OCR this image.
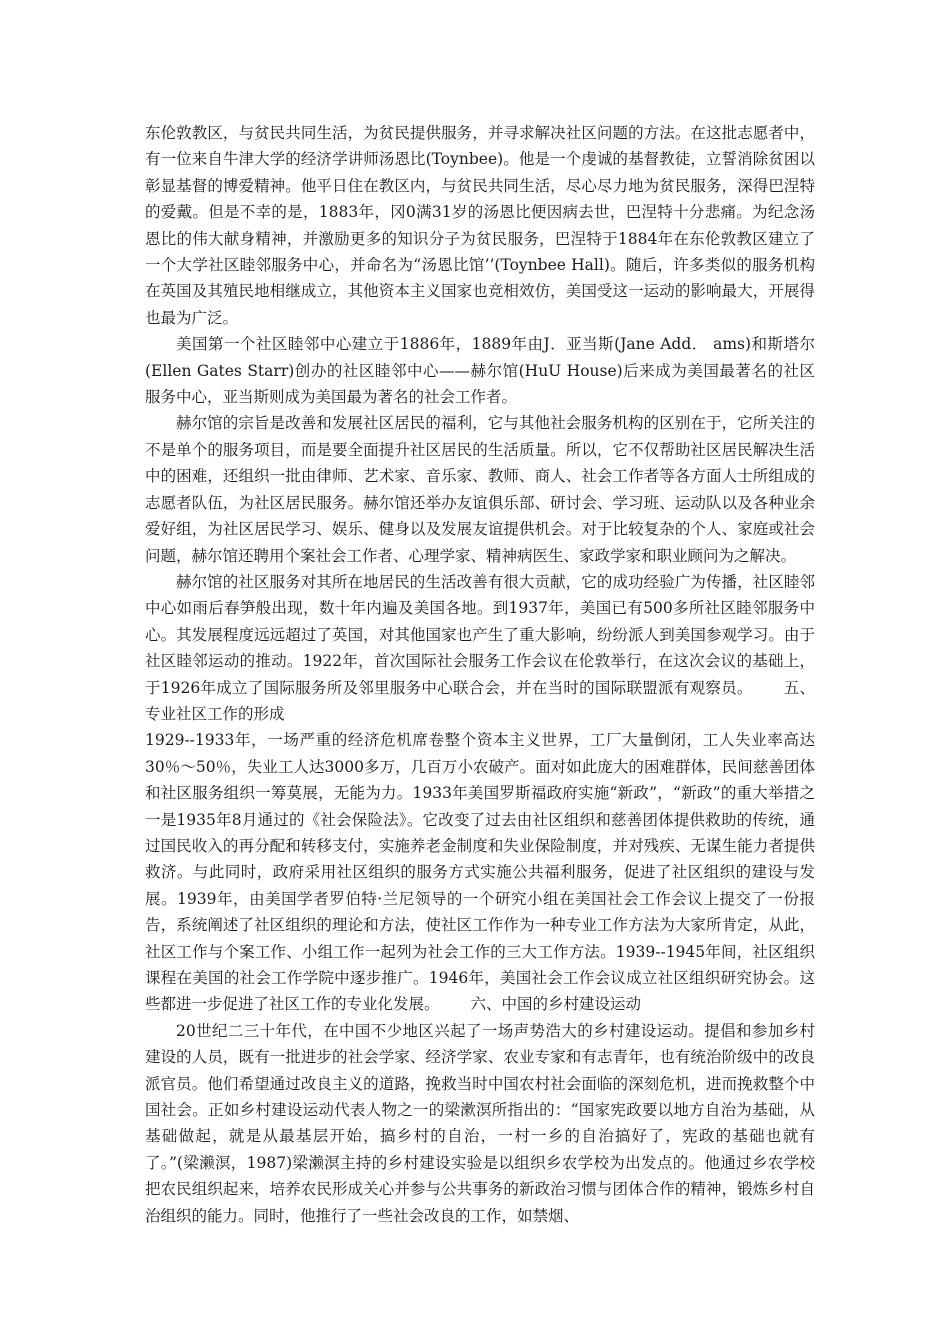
东伦敦教区，与贫民共同生活，为贫民提供服务，并寻求解决社区问题的方法。在这批志愿者中，有一位来自牛津大学的经济学讲师汤恩比(Toynbee)。他是一个虔诚的基督教徒，立誓消除贫困以彰显基督的博爱精神。他平日住在教区内，与贫民共同生活，尽心尽力地为贫民服务，深得巴涅特的爱戴。但是不幸的是，1883年，冈0满31岁的汤恩比便因病去世，巴涅特十分悲痛。为纪念汤恩比的伟大献身精神，并激励更多的知识分子为贫民服务，巴涅特于1884年在东伦敦教区建立了一个大学社区睦邻服务中心，并命名为“汤恩比馆’’(Toynbee Hall)。随后，许多类似的服务机构在英国及其殖民地相继成立，其他资本主义国家也竞相效仿，美国受这一运动的影响最大，开展得也最为广泛。

美国第一个社区睦邻中心建立于1886年，1889年由J．亚当斯(Jane Add． ams)和斯塔尔(Ellen Gates Starr)创办的社区睦邻中心——赫尔馆(HuU House)后来成为美国最著名的社区服务中心，亚当斯则成为美国最为著名的社会工作者。

赫尔馆的宗旨是改善和发展社区居民的福利，它与其他社会服务机构的区别在于，它所关注的不是单个的服务项目，而是要全面提升社区居民的生活质量。所以，它不仅帮助社区居民解决生活中的困难，还组织一批由律师、艺术家、音乐家、教师、商人、社会工作者等各方面人士所组成的志愿者队伍，为社区居民服务。赫尔馆还举办友谊俱乐部、研讨会、学习班、运动队以及各种业余爱好组，为社区居民学习、娱乐、健身以及发展友谊提供机会。对于比较复杂的个人、家庭或社会问题，赫尔馆还聘用个案社会工作者、心理学家、精神病医生、家政学家和职业顾问为之解决。

赫尔馆的社区服务对其所在地居民的生活改善有很大贡献，它的成功经验广为传播，社区睦邻中心如雨后春笋般出现，数十年内遍及美国各地。到1937年，美国已有500多所社区睦邻服务中心。其发展程度远远超过了英国，对其他国家也产生了重大影响，纷纷派人到美国参观学习。由于社区睦邻运动的推动。1922年，首次国际社会服务工作会议在伦敦举行，在这次会议的基础上，于1926年成立了国际服务所及邻里服务中心联合会，并在当时的国际联盟派有观察员。 五、专业社区工作的形成

1929--1933年，一场严重的经济危机席卷整个资本主义世界，工厂大量倒闭，工人失业率高达30％～50％，失业工人达3000多万，几百万小农破产。面对如此庞大的困难群体，民间慈善团体和社区服务组织一筹莫展，无能为力。1933年美国罗斯福政府实施“新政”，“新政”的重大举措之一是1935年8月通过的《社会保险法》。它改变了过去由社区组织和慈善团体提供救助的传统，通过国民收入的再分配和转移支付，实施养老金制度和失业保险制度，并对残疾、无谋生能力者提供救济。与此同时，政府采用社区组织的服务方式实施公共福利服务，促进了社区组织的建设与发展。1939年，由美国学者罗伯特·兰尼领导的一个研究小组在美国社会工作会议上提交了一份报告，系统阐述了社区组织的理论和方法，使社区工作作为一种专业工作方法为大家所肯定，从此，社区工作与个案工作、小组工作一起列为社会工作的三大工作方法。1939--1945年间，社区组织课程在美国的社会工作学院中逐步推广。1946年，美国社会工作会议成立社区组织研究协会。这些都进一步促进了社区工作的专业化发展。 六、中国的乡村建设运动

20世纪二三十年代，在中国不少地区兴起了一场声势浩大的乡村建设运动。提倡和参加乡村建设的人员，既有一批进步的社会学家、经济学家、农业专家和有志青年，也有统治阶级中的改良派官员。他们希望通过改良主义的道路，挽救当时中国农村社会面临的深刻危机，进而挽救整个中国社会。正如乡村建设运动代表人物之一的梁漱溟所指出的：“国家宪政要以地方自治为基础，从基础做起，就是从最基层开始，搞乡村的自治，一村一乡的自治搞好了，宪政的基础也就有了。”(梁濑溟，1987)梁濑溟主持的乡村建设实验是以组织乡农学校为出发点的。他通过乡农学校把农民组织起来，培养农民形成关心并参与公共事务的新政治习惯与团体合作的精神，锻炼乡村自治组织的能力。同时，他推行了一些社会改良的工作，如禁烟、
